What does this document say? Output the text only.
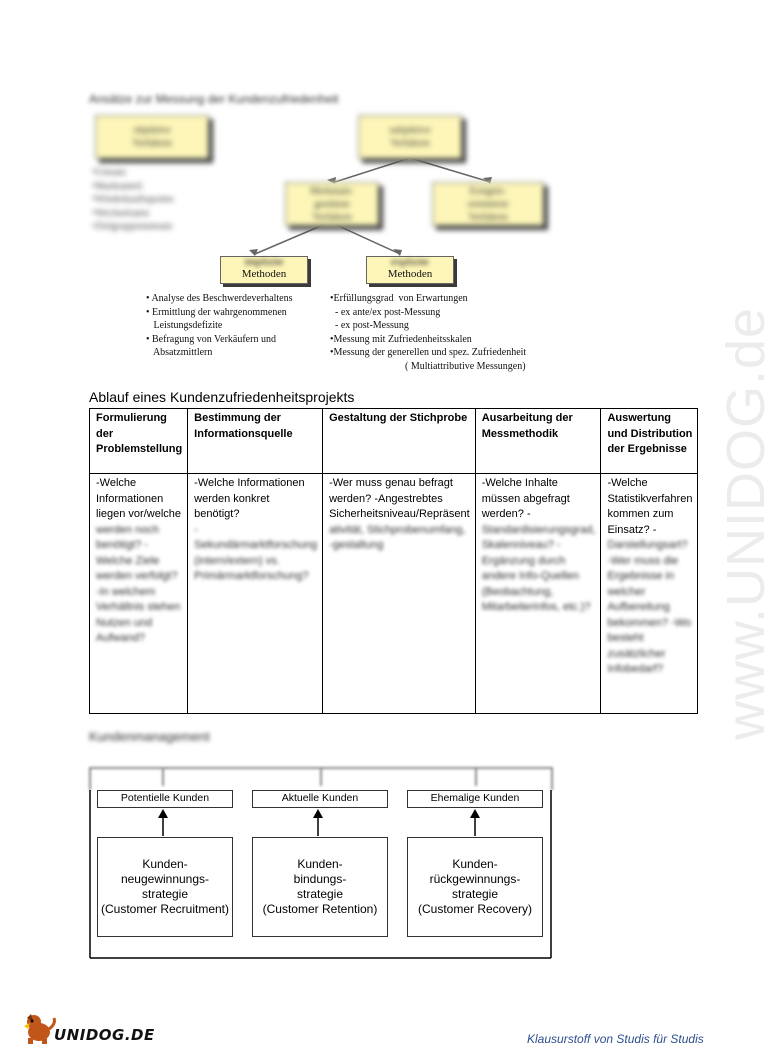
www.UNIDOG.de
Ansätze zur Messung der Kundenzufriedenheit
objektive
Verfahren
subjektive
Verfahren
Merkmals-
gestützte
Verfahren
Ereignis-
orientierte
Verfahren
implizite
Methoden
explizite
Methoden
•Umsatz
•Marktanteil
•Wiederkaufsquoten
•Wechselraten
•Zielgruppenumsatz
• Analyse des Beschwerdeverhaltens
• Ermittlung der wahrgenommenen
Leistungsdefizite
• Befragung von Verkäufern und
Absatzmittlern
•Erfüllungsgrad  von Erwartungen
- ex ante/ex post-Messung
- ex post-Messung
•Messung mit Zufriedenheitsskalen
•Messung der generellen und spez. Zufriedenheit
( Multiattributive Messungen)
Ablauf eines Kundenzufriedenheitsprojekts
Formulierung der Problemstellung	Bestimmung der Informationsquelle	Gestaltung der Stichprobe	Ausarbeitung der Messmethodik	Auswertung und Distribution der Ergebnisse

-Welche Informationen liegen vor/welche
werden noch benötigt? -Welche Ziele werden verfolgt? -In welchem Verhältnis stehen Nutzen und Aufwand?	-Welche Informationen werden konkret benötigt?
- Sekundärmarktforschung (intern/extern) vs. Primärmarktforschung?	-Wer muss genau befragt werden? -Angestrebtes Sicherheitsniveau/Repräsent
ativität, Stichprobenumfang, -gestaltung	-Welche Inhalte müssen abgefragt werden? -
Standardisierungsgrad, Skalenniveau? -Ergänzung durch andere Info-Quellen (Beobachtung, Mitarbeiterinfos, etc.)?	-Welche Statistikverfahren kommen zum Einsatz? -
Darstellungsart? -Wer muss die Ergebnisse in welcher Aufbereitung bekommen? -Wo besteht zusätzlicher Infobedarf?
Kundenmanagement
Potentielle Kunden	Aktuelle Kunden	Ehemalige Kunden
Kunden-
neugewinnungs-
strategie
(Customer Recruitment)
Kunden-
bindungs-
strategie
(Customer Retention)
Kunden-
rückgewinnungs-
strategie
(Customer Recovery)
UNIDOG.DE	Klausurstoff von Studis für Studis
